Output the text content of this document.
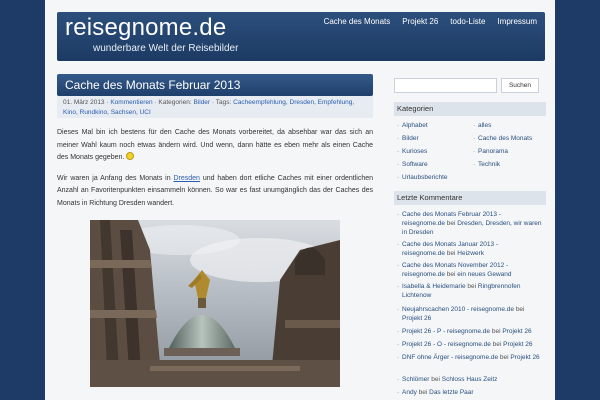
reisegnome.de
wunderbare Welt der Reisebilder
Cache des Monats Projekt 26 todo-Liste Impressum
Cache des Monats Februar 2013
01. März 2013 · Kommentieren · Kategorien: Bilder · Tags: Cacheempfehlung, Dresden, Empfehlung, Kino, Rundkino, Sachsen, UCI

Dieses Mal bin ich bestens für den Cache des Monats vorbereitet, da absehbar war das sich an meiner Wahl kaum noch etwas ändern wird. Und wenn, dann hätte es eben mehr als einen Cache des Monats gegeben.

Wir waren ja Anfang des Monats in Dresden und haben dort etliche Caches mit einer ordentlichen Anzahl an Favoritenpunkten einsammeln können. So war es fast unumgänglich das der Caches des Monats in Richtung Dresden wandert.

Suchen
Kategorien
· Alphabet	· alles
· Bilder	· Cache des Monats
· Kurioses	· Panorama
· Software	· Technik
· Urlaubsberichte
Letzte Kommentare
· Cache des Monats Februar 2013 - reisegnome.de bei Dresden, Dresden, wir waren in Dresden
· Cache des Monats Januar 2013 - reisegnome.de bei Heizwerk
· Cache des Monats November 2012 - reisegnome.de bei ein neues Gewand
· Isabella & Heidemarie bei Ringbrennofen Lichtenow
· Neujahrscachen 2010 - reisegnome.de bei Projekt 26
· Projekt 26 - P - reisegnome.de bei Projekt 26
· Projekt 26 - O - reisegnome.de bei Projekt 26
· DNF ohne Ärger - reisegnome.de bei Projekt 26
· Schlömer bei Schloss Haus Zeitz
· Andy bei Das letzte Paar
